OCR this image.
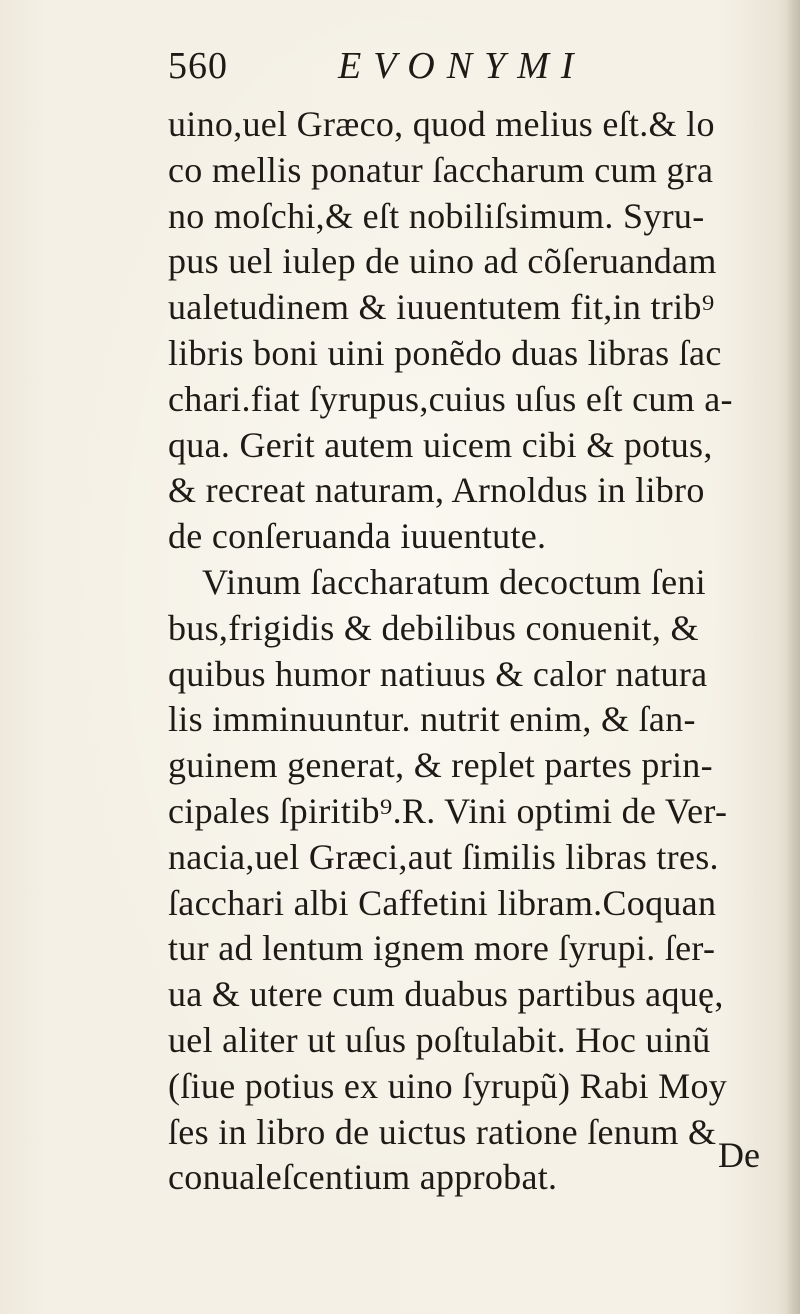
560	EVONYMI
uino,uel Græco, quod melius eſt.& lo
co mellis ponatur ſaccharum cum gra
no moſchi,& eſt nobiliſsimum. Syru-
pus uel iulep de uino ad cõſeruandam
ualetudinem & iuuentutem fit,in trib⁹
libris boni uini ponẽdo duas libras ſac
chari.fiat ſyrupus,cuius uſus eſt cum a-
qua. Gerit autem uicem cibi & potus,
& recreat naturam, Arnoldus in libro
de conſeruanda iuuentute.
Vinum ſaccharatum decoctum ſeni
bus,frigidis & debilibus conuenit, &
quibus humor natiuus & calor natura
lis imminuuntur. nutrit enim, & ſan-
guinem generat, & replet partes prin-
cipales ſpiritib⁹.R. Vini optimi de Ver-
nacia,uel Græci,aut ſimilis libras tres.
ſacchari albi Caffetini libram.Coquan
tur ad lentum ignem more ſyrupi. ſer-
ua & utere cum duabus partibus aquę,
uel aliter ut uſus poſtulabit. Hoc uinũ
(ſiue potius ex uino ſyrupũ) Rabi Moy
ſes in libro de uictus ratione ſenum &
conualeſcentium approbat.
De
